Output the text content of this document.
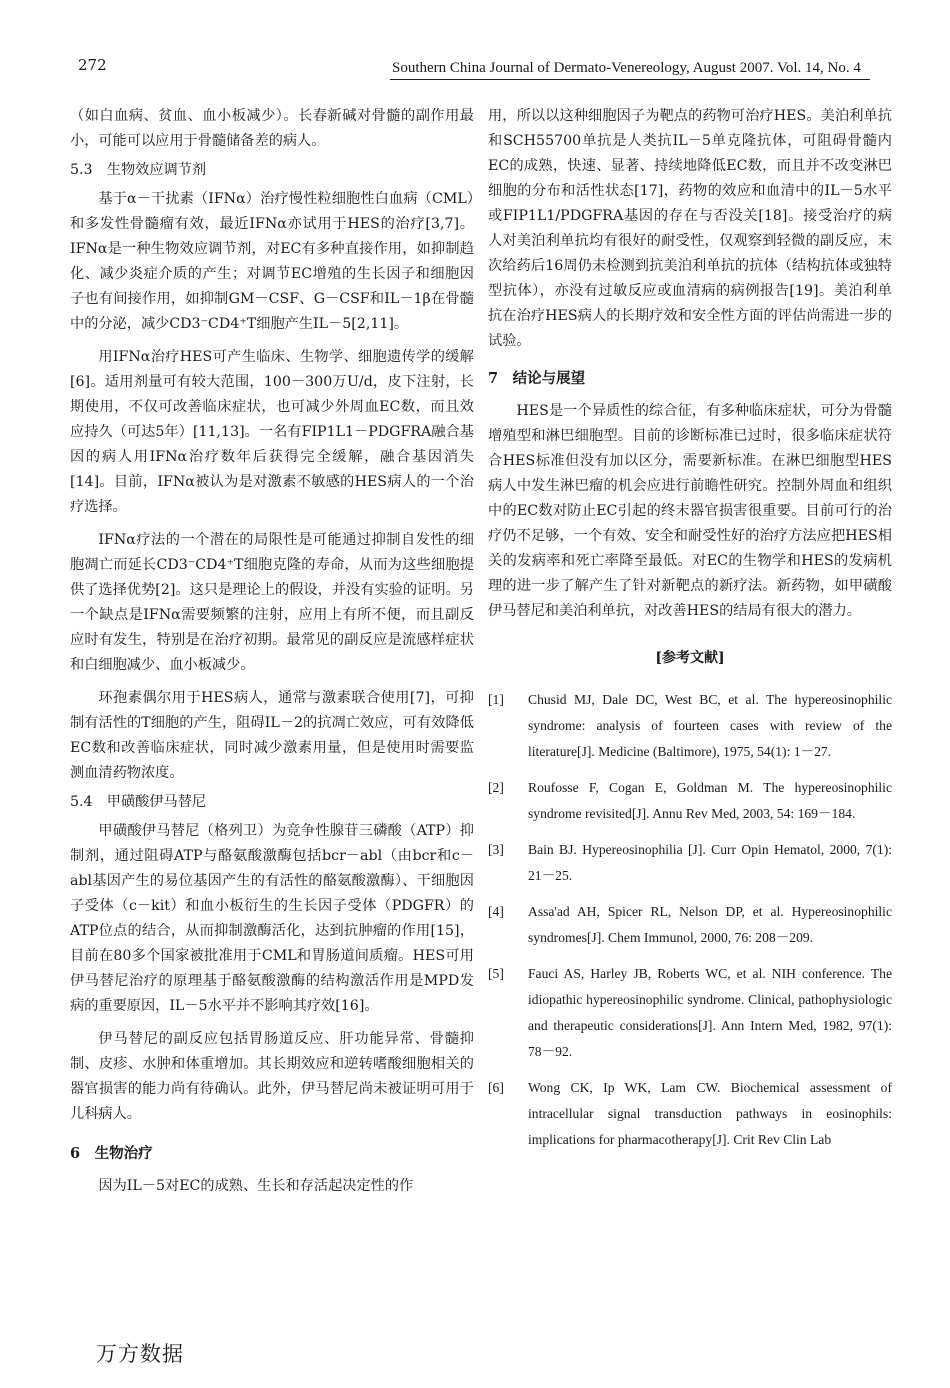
272	Southern China Journal of Dermato-Venereology, August 2007. Vol. 14, No. 4

（如白血病、贫血、血小板减少）。长春新碱对骨髓的副作用最小，可能可以应用于骨髓储备差的病人。

5.3　生物效应调节剂

基于α－干扰素（IFNα）治疗慢性粒细胞性白血病（CML）和多发性骨髓瘤有效，最近IFNα亦试用于HES的治疗[3,7]。IFNα是一种生物效应调节剂，对EC有多种直接作用，如抑制趋化、减少炎症介质的产生；对调节EC增殖的生长因子和细胞因子也有间接作用，如抑制GM－CSF、G－CSF和IL－1β在骨髓中的分泌，减少CD3⁻CD4⁺T细胞产生IL－5[2,11]。

用IFNα治疗HES可产生临床、生物学、细胞遗传学的缓解[6]。适用剂量可有较大范围，100－300万U/d，皮下注射，长期使用，不仅可改善临床症状，也可减少外周血EC数，而且效应持久（可达5年）[11,13]。一名有FIP1L1－PDGFRA融合基因的病人用IFNα治疗数年后获得完全缓解，融合基因消失[14]。目前，IFNα被认为是对激素不敏感的HES病人的一个治疗选择。

IFNα疗法的一个潜在的局限性是可能通过抑制自发性的细胞凋亡而延长CD3⁻CD4⁺T细胞克隆的寿命，从而为这些细胞提供了选择优势[2]。这只是理论上的假设，并没有实验的证明。另一个缺点是IFNα需要频繁的注射，应用上有所不便，而且副反应时有发生，特别是在治疗初期。最常见的副反应是流感样症状和白细胞减少、血小板减少。

环孢素偶尔用于HES病人，通常与激素联合使用[7]，可抑制有活性的T细胞的产生，阻碍IL－2的抗凋亡效应，可有效降低EC数和改善临床症状，同时减少激素用量，但是使用时需要监测血清药物浓度。

5.4　甲磺酸伊马替尼

甲磺酸伊马替尼（格列卫）为竞争性腺苷三磷酸（ATP）抑制剂，通过阻碍ATP与酪氨酸激酶包括bcr－abl（由bcr和c－abl基因产生的易位基因产生的有活性的酪氨酸激酶）、干细胞因子受体（c－kit）和血小板衍生的生长因子受体（PDGFR）的ATP位点的结合，从而抑制激酶活化，达到抗肿瘤的作用[15]，目前在80多个国家被批准用于CML和胃肠道间质瘤。HES可用伊马替尼治疗的原理基于酪氨酸激酶的结构激活作用是MPD发病的重要原因，IL－5水平并不影响其疗效[16]。

伊马替尼的副反应包括胃肠道反应、肝功能异常、骨髓抑制、皮疹、水肿和体重增加。其长期效应和逆转嗜酸细胞相关的器官损害的能力尚有待确认。此外，伊马替尼尚未被证明可用于儿科病人。

6　生物治疗

因为IL－5对EC的成熟、生长和存活起决定性的作

用，所以以这种细胞因子为靶点的药物可治疗HES。美泊利单抗和SCH55700单抗是人类抗IL－5单克隆抗体，可阻碍骨髓内EC的成熟，快速、显著、持续地降低EC数，而且并不改变淋巴细胞的分布和活性状态[17]，药物的效应和血清中的IL－5水平或FIP1L1/PDGFRA基因的存在与否没关[18]。接受治疗的病人对美泊利单抗均有很好的耐受性，仅观察到轻微的副反应，末次给药后16周仍未检测到抗美泊利单抗的抗体（结构抗体或独特型抗体），亦没有过敏反应或血清病的病例报告[19]。美泊利单抗在治疗HES病人的长期疗效和安全性方面的评估尚需进一步的试验。

7　结论与展望

HES是一个异质性的综合征，有多种临床症状，可分为骨髓增殖型和淋巴细胞型。目前的诊断标准已过时，很多临床症状符合HES标准但没有加以区分，需要新标准。在淋巴细胞型HES病人中发生淋巴瘤的机会应进行前瞻性研究。控制外周血和组织中的EC数对防止EC引起的终末器官损害很重要。目前可行的治疗仍不足够，一个有效、安全和耐受性好的治疗方法应把HES相关的发病率和死亡率降至最低。对EC的生物学和HES的发病机理的进一步了解产生了针对新靶点的新疗法。新药物，如甲磺酸伊马替尼和美泊利单抗，对改善HES的结局有很大的潜力。

[参考文献]
[1] Chusid MJ, Dale DC, West BC, et al. The hypereosinophilic syndrome: analysis of fourteen cases with review of the literature[J]. Medicine (Baltimore), 1975, 54(1): 1－27.
[2] Roufosse F, Cogan E, Goldman M. The hypereosinophilic syndrome revisited[J]. Annu Rev Med, 2003, 54: 169－184.
[3] Bain BJ. Hypereosinophilia [J]. Curr Opin Hematol, 2000, 7(1): 21－25.
[4] Assa'ad AH, Spicer RL, Nelson DP, et al. Hypereosinophilic syndromes[J]. Chem Immunol, 2000, 76: 208－209.
[5] Fauci AS, Harley JB, Roberts WC, et al. NIH conference. The idiopathic hypereosinophilic syndrome. Clinical, pathophysiologic and therapeutic considerations[J]. Ann Intern Med, 1982, 97(1): 78－92.
[6] Wong CK, Ip WK, Lam CW. Biochemical assessment of intracellular signal transduction pathways in eosinophils: implications for pharmacotherapy[J]. Crit Rev Clin Lab
万方数据
